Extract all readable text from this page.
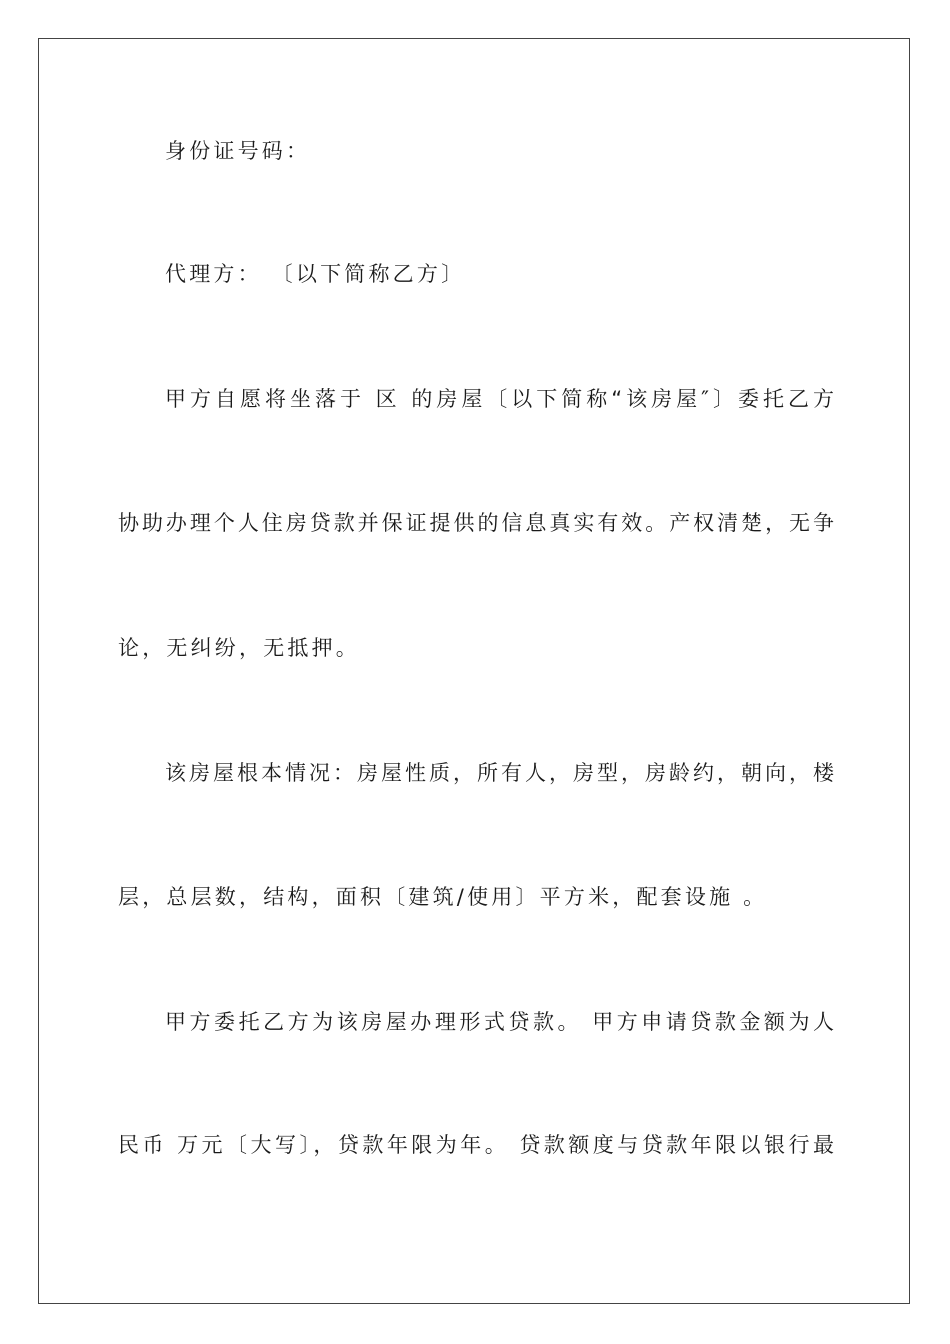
身份证号码：
代理方： 〔以下简称乙方〕
甲方自愿将坐落于 区 的房屋〔以下简称“该房屋″〕委托乙方
协助办理个人住房贷款并保证提供的信息真实有效。产权清楚，无争
论，无纠纷，无抵押。
该房屋根本情况：房屋性质，所有人，房型，房龄约，朝向，楼
层，总层数，结构，面积〔建筑/使用〕平方米，配套设施 。
甲方委托乙方为该房屋办理形式贷款。 甲方申请贷款金额为人
民币 万元〔大写〕，贷款年限为年。 贷款额度与贷款年限以银行最
